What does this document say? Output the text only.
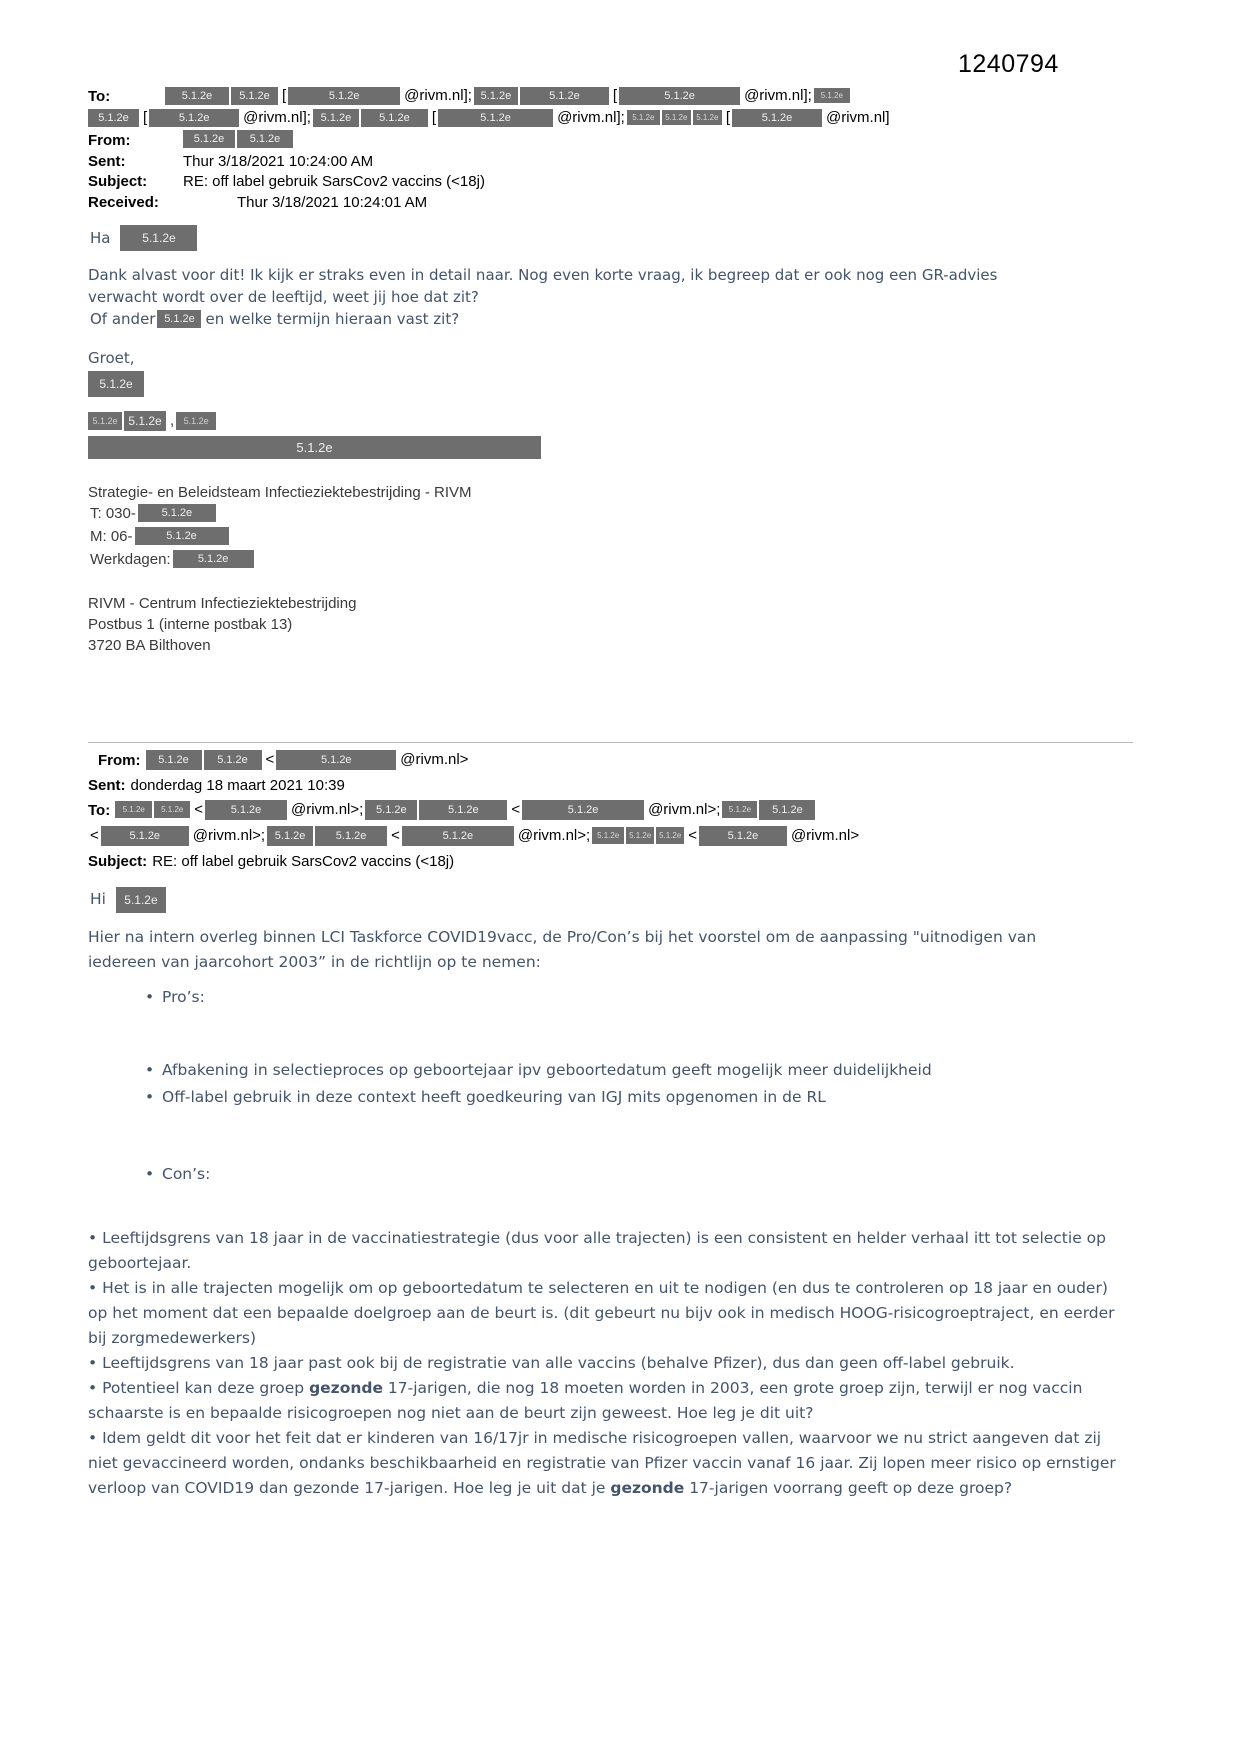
1240794
To:	5.1.2e 5.1.2e [	5.1.2e	@rivm.nl]; 5.1.2e	5.1.2e [	5.1.2e	@rivm.nl]; 5.1.2e
5.1.2e [	5.1.2e @rivm.nl]; 5.1.2e	5.1.2e [	5.1.2e	@rivm.nl]; 5.1.2e 5.1.2e 5.1.2e [	5.1.2e @rivm.nl]
From:	5.1.2e 5.1.2e
Sent:	Thur 3/18/2021 10:24:00 AM
Subject: RE: off label gebruik SarsCov2 vaccins (<18j)
Received:	Thur 3/18/2021 10:24:01 AM
Ha	5.1.2e
Dank alvast voor dit! Ik kijk er straks even in detail naar. Nog even korte vraag, ik begreep dat er ook nog een GR-advies verwacht wordt over de leeftijd, weet jij hoe dat zit?
Of ander 5.1.2e en welke termijn hieraan vast zit?
Groet,
5.1.2e
5.1.2e 5.1.2e , 5.1.2e
5.1.2e
Strategie- en Beleidsteam Infectieziektebestrijding - RIVM
T: 030- 5.1.2e
M: 06-	5.1.2e
Werkdagen: 5.1.2e
RIVM - Centrum Infectieziektebestrijding
Postbus 1 (interne postbak 13)
3720 BA Bilthoven
From: 5.1.2e	5.1.2e <	5.1.2e	@rivm.nl>
Sent: donderdag 18 maart 2021 10:39
To: 5.1.2e 5.1.2e <	5.1.2e @rivm.nl>; 5.1.2e	5.1.2e <	5.1.2e	@rivm.nl>; 5.1.2e 5.1.2e
<	5.1.2e @rivm.nl>; 5.1.2e	5.1.2e <	5.1.2e	@rivm.nl>; 5.1.2e 5.1.2e 5.1.2e <	5.1.2e @rivm.nl>
Subject: RE: off label gebruik SarsCov2 vaccins (<18j)
Hi	5.1.2e
Hier na intern overleg binnen LCI Taskforce COVID19vacc, de Pro/Con’s bij het voorstel om de aanpassing "uitnodigen van iedereen van jaarcohort 2003” in de richtlijn op te nemen:
• Pro’s:
• Afbakening in selectieproces op geboortejaar ipv geboortedatum geeft mogelijk meer duidelijkheid
• Off-label gebruik in deze context heeft goedkeuring van IGJ mits opgenomen in de RL
• Con’s:
• Leeftijdsgrens van 18 jaar in de vaccinatiestrategie (dus voor alle trajecten) is een consistent en helder verhaal itt tot selectie op geboortejaar.
• Het is in alle trajecten mogelijk om op geboortedatum te selecteren en uit te nodigen (en dus te controleren op 18 jaar en ouder) op het moment dat een bepaalde doelgroep aan de beurt is. (dit gebeurt nu bijv ook in medisch HOOG-risicogroeptraject, en eerder bij zorgmedewerkers)
• Leeftijdsgrens van 18 jaar past ook bij de registratie van alle vaccins (behalve Pfizer), dus dan geen off-label gebruik.
• Potentieel kan deze groep gezonde 17-jarigen, die nog 18 moeten worden in 2003, een grote groep zijn, terwijl er nog vaccin schaarste is en bepaalde risicogroepen nog niet aan de beurt zijn geweest. Hoe leg je dit uit?
• Idem geldt dit voor het feit dat er kinderen van 16/17jr in medische risicogroepen vallen, waarvoor we nu strict aangeven dat zij niet gevaccineerd worden, ondanks beschikbaarheid en registratie van Pfizer vaccin vanaf 16 jaar. Zij lopen meer risico op ernstiger verloop van COVID19 dan gezonde 17-jarigen. Hoe leg je uit dat je gezonde 17-jarigen voorrang geeft op deze groep?
